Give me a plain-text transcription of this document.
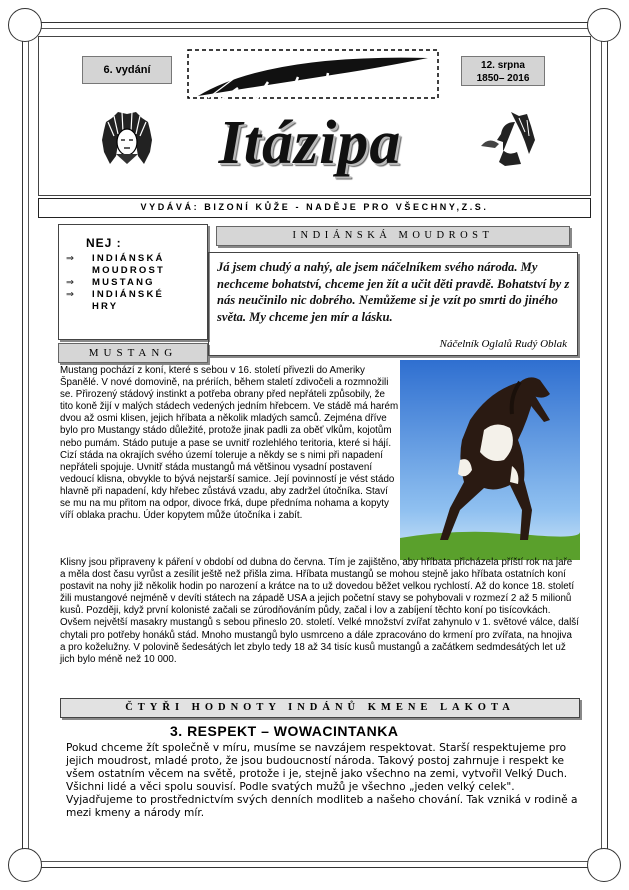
6. vydání	12. srpna
1850– 2016
Itázipa
VYDÁVÁ: BIZONÍ KŮŽE - NADĚJE PRO VŠECHNY,Z.S.
NEJ :
⇒	INDIÁNSKÁ
MOUDROST
⇒	MUSTANG
⇒	INDIÁNSKÉ
HRY
MUSTANG
INDIÁNSKÁ MOUDROST
Já jsem chudý a nahý, ale jsem náčelníkem svého národa. My nechceme bohatství, chceme jen žít a učit děti pravdě. Bohatství by z nás neučinilo nic dobrého. Nemůžeme si je vzít po smrti do jiného světa. My chceme jen mír a lásku.
Náčelník Oglalů Rudý Oblak
Mustang pochází z koní, které s sebou v 16. století přivezli do Ameriky Španělé. V nové domovině, na prériích, během staletí zdivočeli a rozmnožili se. Přirozený stádový instinkt a potřeba obrany před nepřáteli způsobily, že tito koně žijí v malých stádech vedených jedním hřebcem. Ve stádě má harém dvou až osmi klisen, jejich hříbata a několik mladých samců. Zejména dříve bylo pro Mustangy stádo důležité, protože jinak padli za oběť vlkům, kojotům nebo pumám. Stádo putuje a pase se uvnitř rozlehlého teritoria, které si hájí. Cizí stáda na okrajích svého území toleruje a někdy se s nimi při napadení nepřáteli spojuje. Uvnitř stáda mustangů má většinou vysadní postavení vedoucí klisna, obvykle to bývá nejstarší samice. Její povinností je vést stádo hlavně při napadení, kdy hřebec zůstává vzadu, aby zadržel útočníka. Staví se mu na mu přitom na odpor, divoce frká, dupe předníma nohama a kopyty víří oblaka prachu. Úder kopytem může útočníka i zabít.
Klisny jsou připraveny k páření v období od dubna do června. Tím je zajištěno, aby hříbata přicházela příští rok na jaře a měla dost času vyrůst a zesílit ještě než přišla zima. Hříbata mustangů se mohou stejně jako hříbata ostatních koní postavit na nohy již několik hodin po narození a krátce na to už dovedou běžet velkou rychlostí. Až do konce 18. století žili mustangové nejméně v devíti státech na západě USA a jejich početní stavy se pohybovali v rozmezí 2 až 5 milionů kusů. Později, když první kolonisté začali se zúrodňováním půdy, začal i lov a zabíjení těchto koní po tisícovkách. Ovšem největší masakry mustangů s sebou přineslo 20. století. Velké množství zvířat zahynulo v 1. světové válce, další chytali pro potřeby honáků stád. Mnoho mustangů bylo usmrceno a dále zpracováno do krmení pro zvířata, na hnojiva a pro koželužny. V polovině šedesátých let zbylo tedy 18 až 34 tisíc kusů mustangů a začátkem sedmdesátých let už jich bylo méně než 10 000.
ČTYŘI HODNOTY INDÁNŮ KMENE LAKOTA
3. RESPEKT – WOWACINTANKA
Pokud chceme žít společně v míru, musíme se navzájem respektovat. Starší respektujeme pro jejich moudrost, mladé proto, že jsou budoucností národa. Takový postoj zahrnuje i respekt ke všem ostatním věcem na světě, protože i je, stejně jako všechno na zemi, vytvořil Velký Duch. Všichni lidé a věci spolu souvisí. Podle svatých mužů je všechno „jeden velký celek". Vyjadřujeme to prostřednictvím svých denních modliteb a našeho chování. Tak vzniká v rodině a mezi kmeny a národy mír.
